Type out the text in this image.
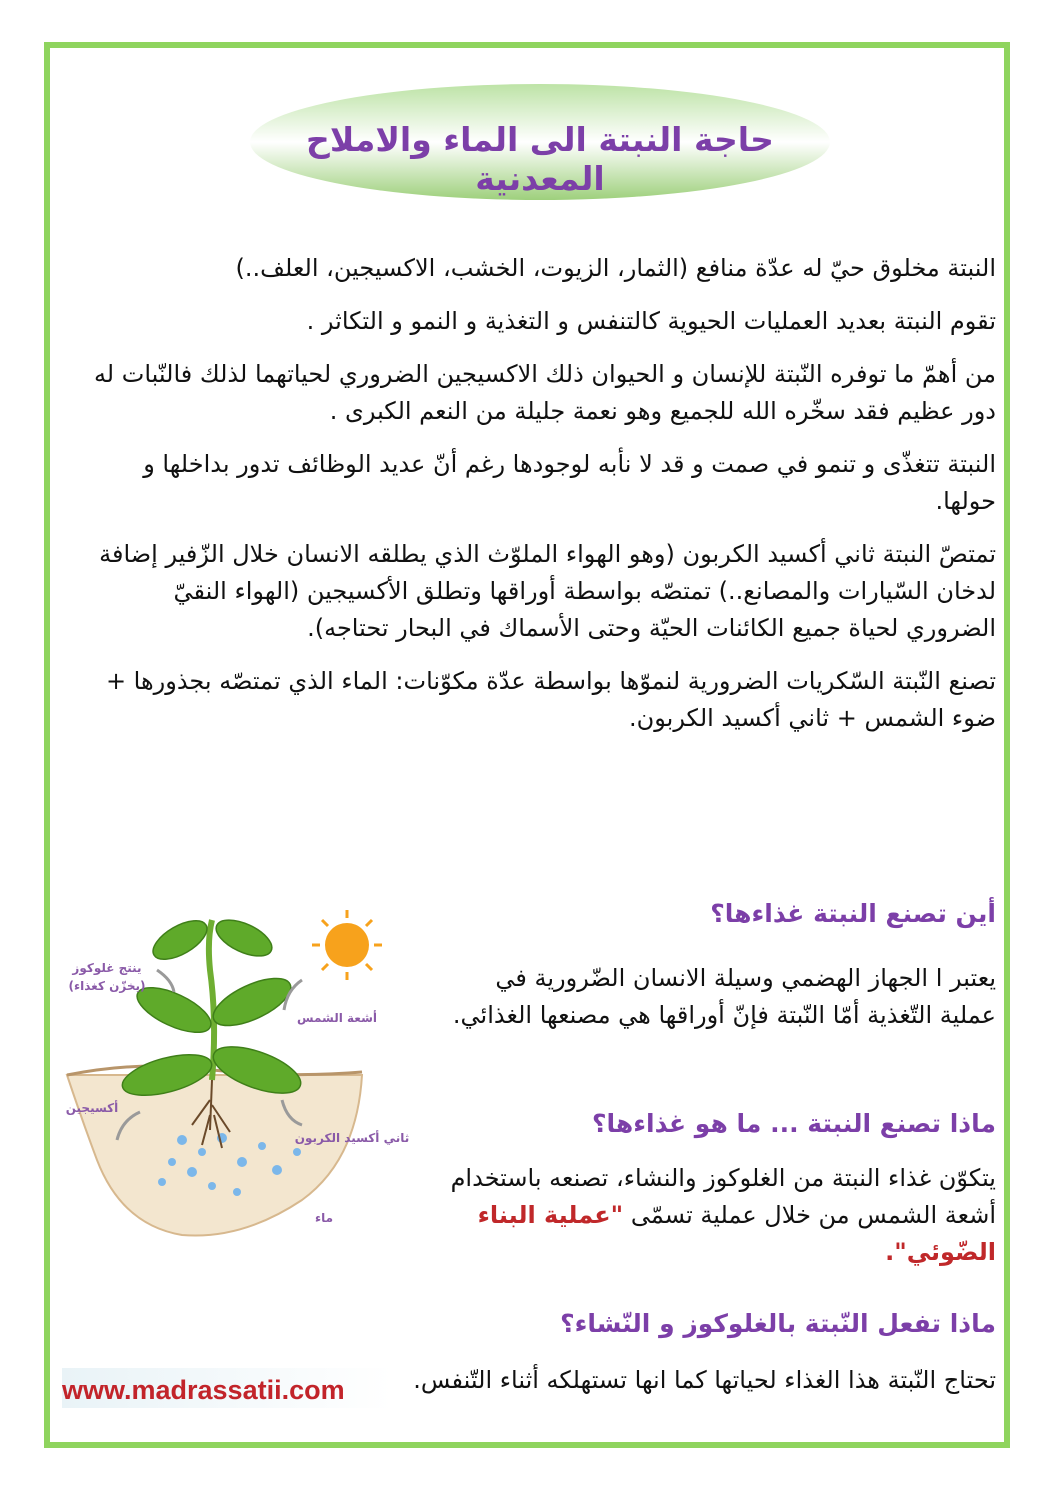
حاجة النبتة الى الماء والاملاح المعدنية

النبتة مخلوق حيّ له عدّة منافع (الثمار، الزيوت، الخشب، الاكسيجين، العلف..)

تقوم النبتة بعديد العمليات الحيوية كالتنفس و التغذية و النمو و التكاثر .

من أهمّ ما توفره النّبتة للإنسان و الحيوان ذلك الاكسيجين الضروري لحياتهما لذلك فالنّبات له دور عظيم فقد سخّره الله للجميع وهو نعمة جليلة من النعم الكبرى .

النبتة تتغذّى و تنمو في صمت و قد لا نأبه لوجودها رغم أنّ عديد الوظائف تدور بداخلها و حولها.

تمتصّ النبتة ثاني أكسيد الكربون (وهو الهواء الملوّث الذي يطلقه الانسان خلال الزّفير إضافة لدخان السّيارات والمصانع..) تمتصّه بواسطة أوراقها وتطلق الأكسيجين (الهواء النقيّ الضروري لحياة جميع الكائنات الحيّة وحتى الأسماك في البحار تحتاجه).

تصنع النّبتة السّكريات الضرورية لنموّها بواسطة عدّة مكوّنات: الماء الذي تمتصّه بجذورها + ضوء الشمس + ثاني أكسيد الكربون.

أين تصنع النبتة غذاءها؟

يعتبر ا الجهاز الهضمي وسيلة الانسان الضّرورية في عملية التّغذية أمّا النّبتة فإنّ أوراقها هي مصنعها الغذائي.

ماذا تصنع النبتة ... ما هو غذاءها؟

يتكوّن غذاء النبتة من الغلوكوز والنشاء، تصنعه باستخدام أشعة الشمس من خلال عملية تسمّى "عملية البناء الضّوئي".

ماذا تفعل النّبتة بالغلوكوز و النّشاء؟

تحتاج النّبتة هذا الغذاء لحياتها كما انها تستهلكه أثناء التّنفس.

ينتج غلوكوز
(يخزّن كغذاء)
أشعة الشمس
أكسيجين
ثاني أكسيد الكربون
ماء
www.madrassatii.com
